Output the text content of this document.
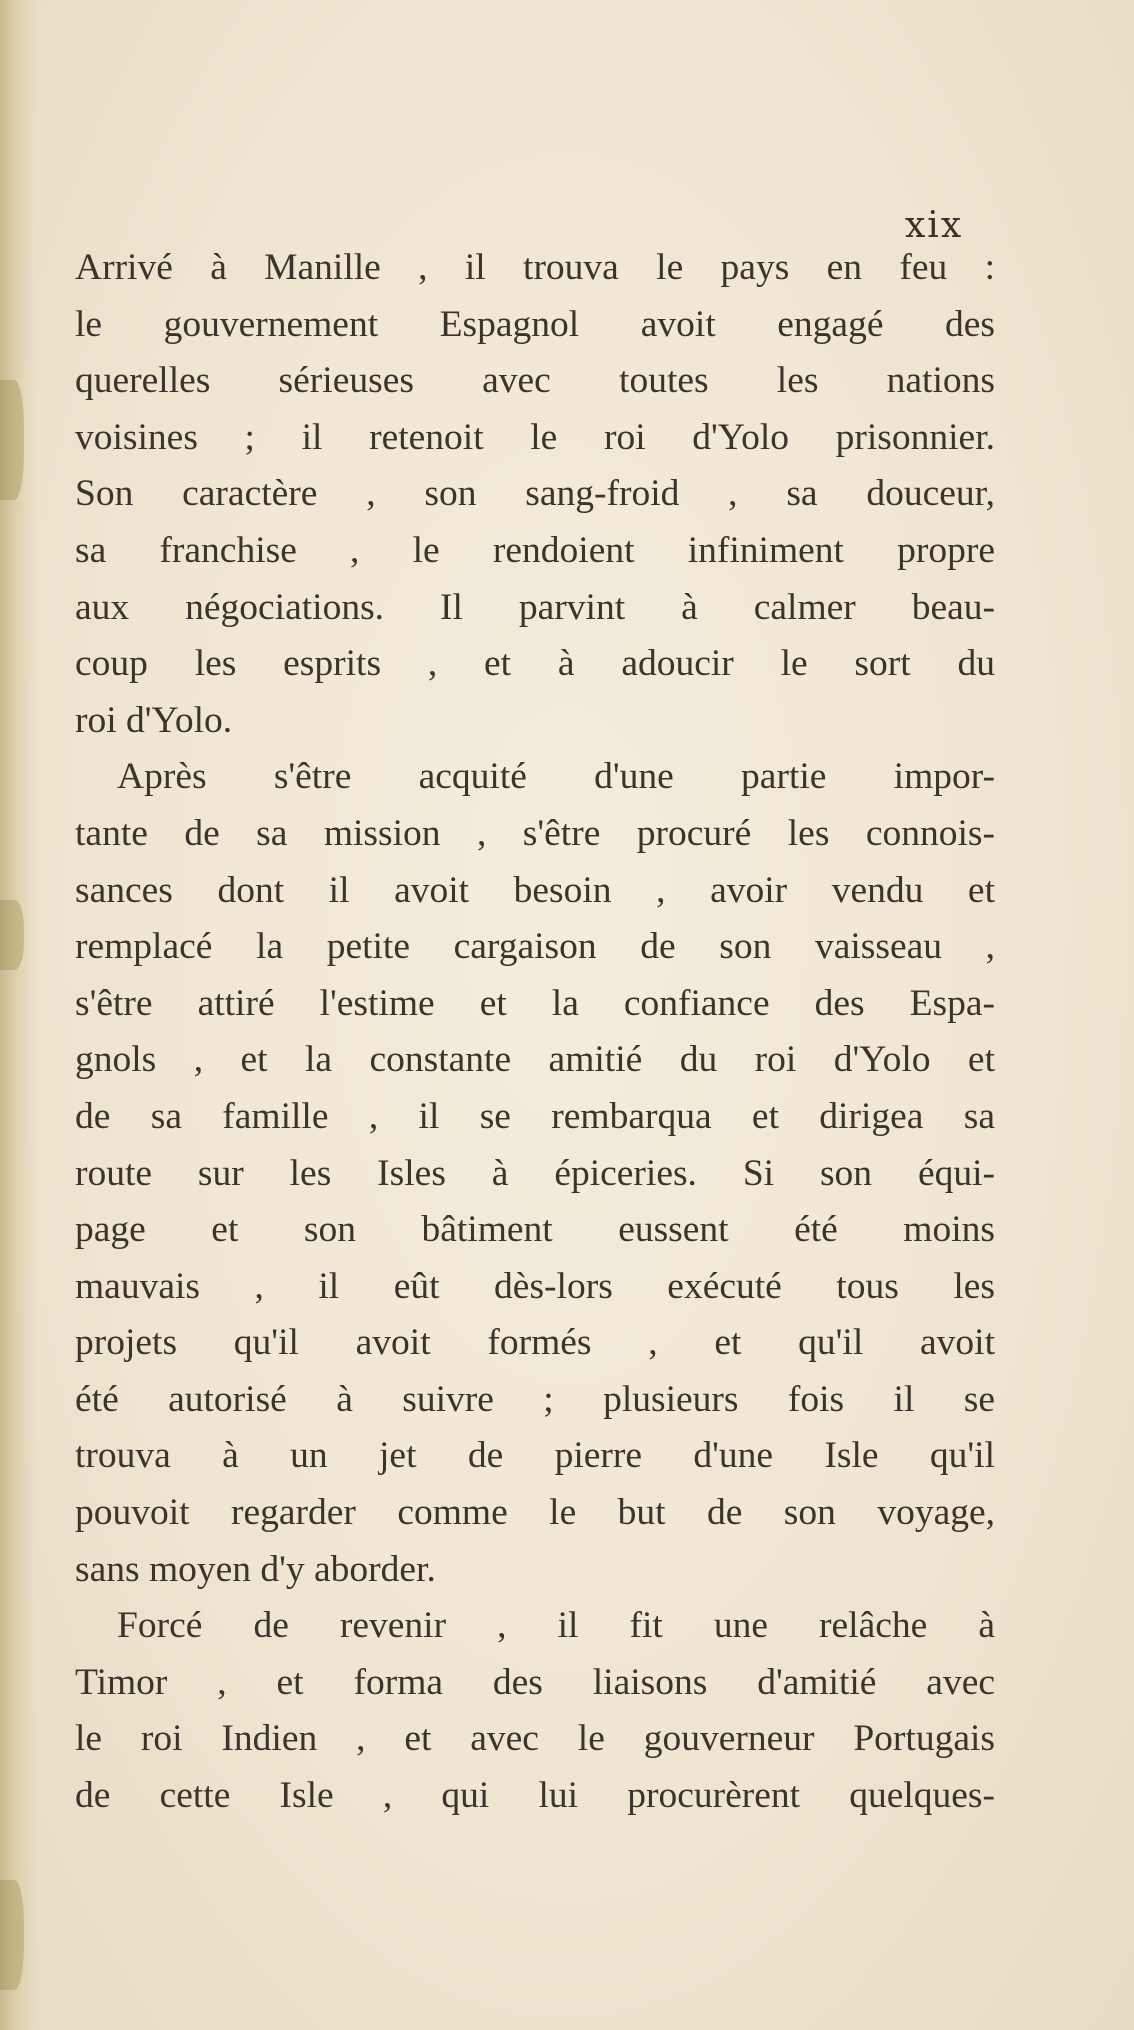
xix
Arrivé à Manille , il trouva le pays en feu :
le gouvernement Espagnol avoit engagé des
querelles sérieuses avec toutes les nations
voisines ; il retenoit le roi d'Yolo prisonnier.
Son caractère , son sang-froid , sa douceur,
sa franchise , le rendoient infiniment propre
aux négociations. Il parvint à calmer beau-
coup les esprits , et à adoucir le sort du
roi d'Yolo.
Après s'être acquité d'une partie impor-
tante de sa mission , s'être procuré les connois-
sances dont il avoit besoin , avoir vendu et
remplacé la petite cargaison de son vaisseau ,
s'être attiré l'estime et la confiance des Espa-
gnols , et la constante amitié du roi d'Yolo et
de sa famille , il se rembarqua et dirigea sa
route sur les Isles à épiceries. Si son équi-
page et son bâtiment eussent été moins
mauvais , il eût dès-lors exécuté tous les
projets qu'il avoit formés , et qu'il avoit
été autorisé à suivre ; plusieurs fois il se
trouva à un jet de pierre d'une Isle qu'il
pouvoit regarder comme le but de son voyage,
sans moyen d'y aborder.
Forcé de revenir , il fit une relâche à
Timor , et forma des liaisons d'amitié avec
le roi Indien , et avec le gouverneur Portugais
de cette Isle , qui lui procurèrent quelques-
